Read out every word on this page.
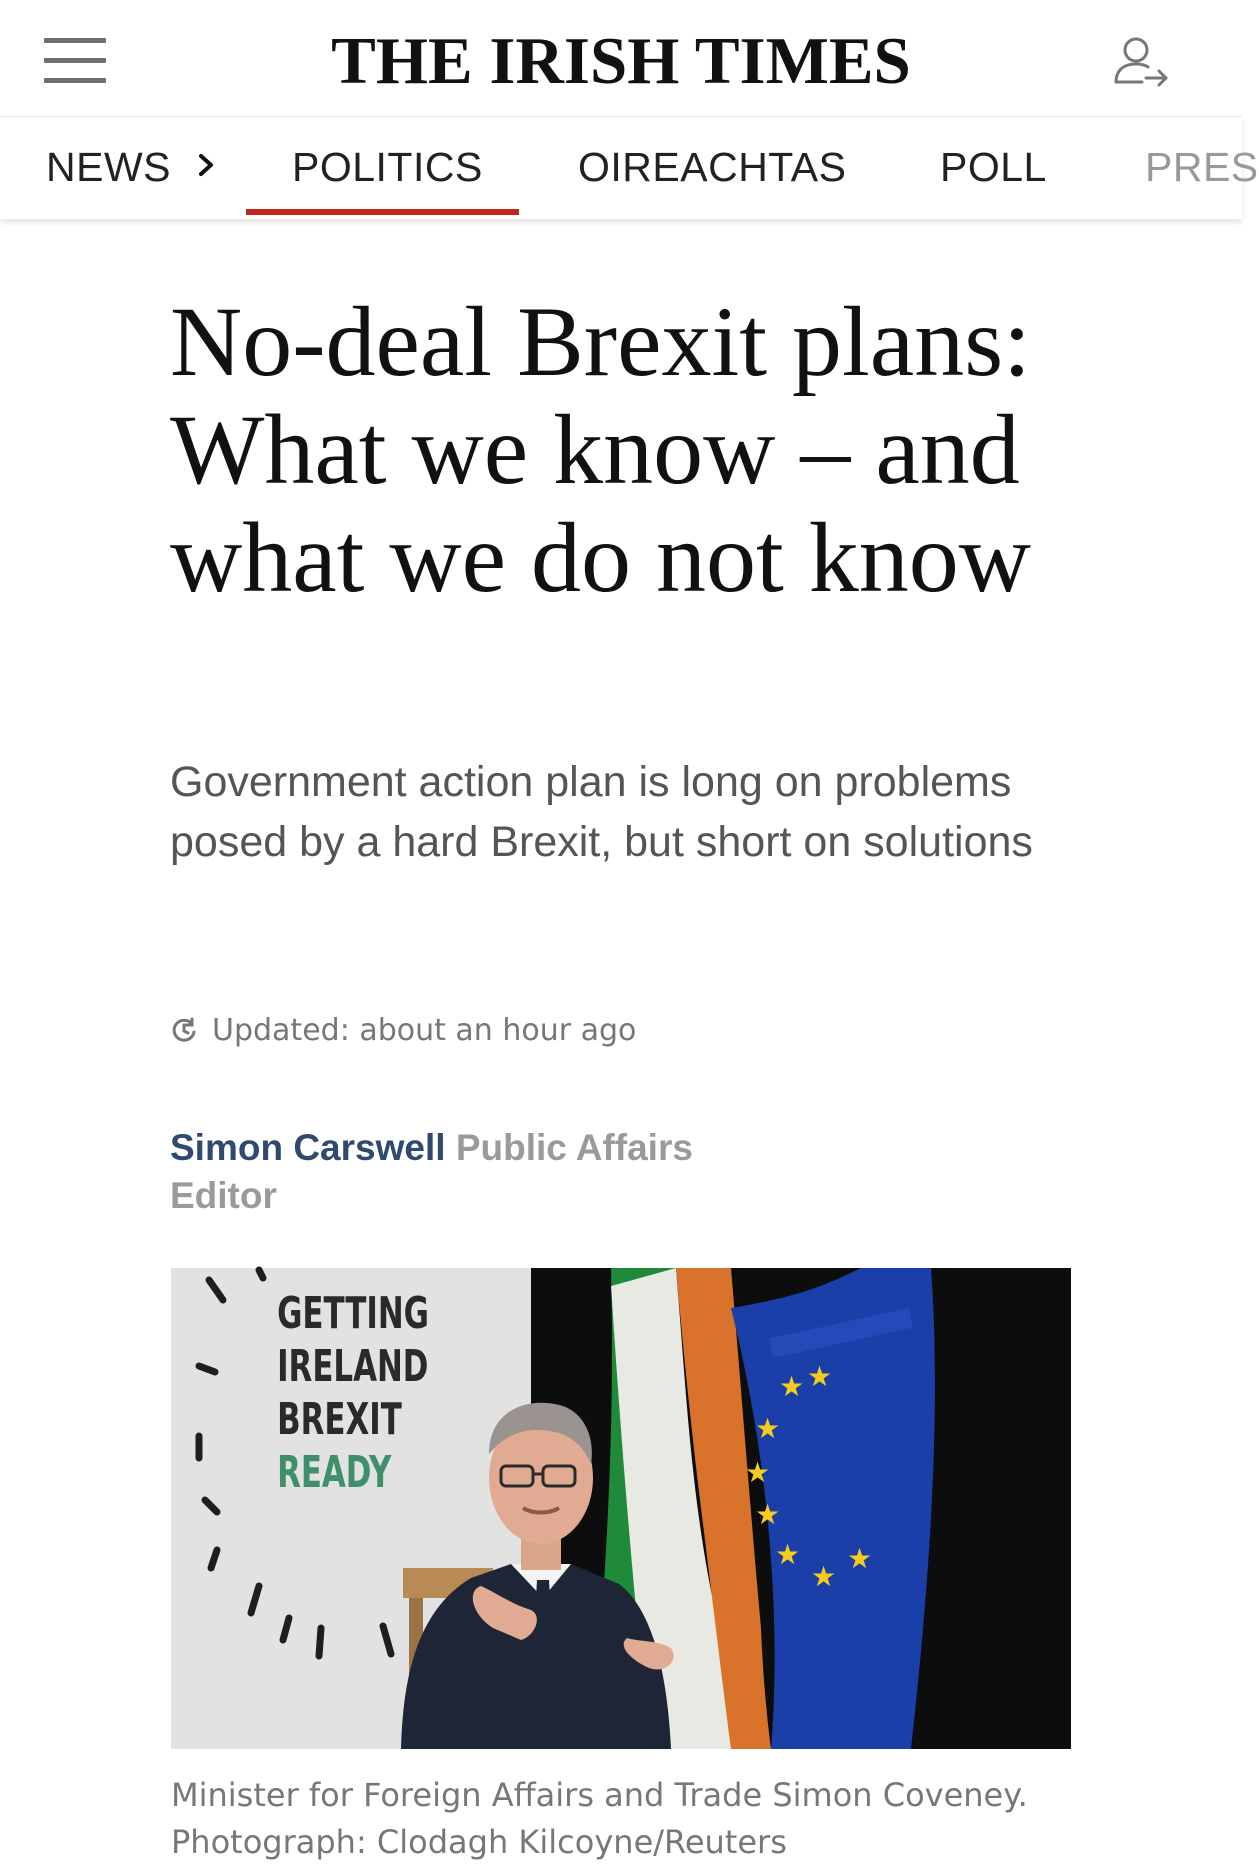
THE IRISH TIMES
NEWS	POLITICS OIREACHTAS POLL PRES
No-deal Brexit plans: What we know – and what we do not know

Government action plan is long on problems posed by a hard Brexit, but short on solutions

Updated: about an hour ago
Simon Carswell Public Affairs Editor
GETTING
IRELAND
BREXIT
READY
★ ★
★
★
★
★
★
★

Minister for Foreign Affairs and Trade Simon Coveney. Photograph: Clodagh Kilcoyne/Reuters
